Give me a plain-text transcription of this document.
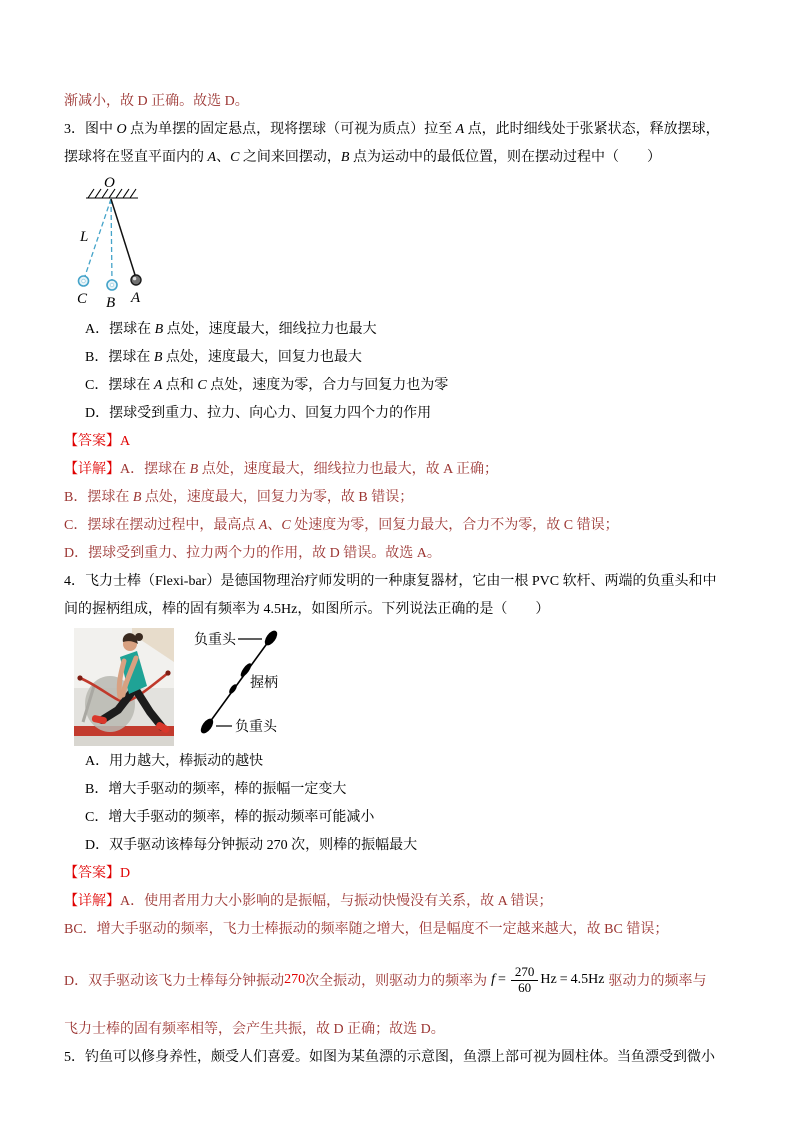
渐减小，故 D 正确。故选 D。

3．图中 O 点为单摆的固定悬点，现将摆球（可视为质点）拉至 A 点，此时细线处于张紧状态，释放摆球，

摆球将在竖直平面内的 A、C 之间来回摆动，B 点为运动中的最低位置，则在摆动过程中（　　）

O
L
C B A

A．摆球在 B 点处，速度最大，细线拉力也最大

B．摆球在 B 点处，速度最大，回复力也最大

C．摆球在 A 点和 C 点处，速度为零，合力与回复力也为零

D．摆球受到重力、拉力、向心力、回复力四个力的作用

【答案】A

【详解】A．摆球在 B 点处，速度最大，细线拉力也最大，故 A 正确；

B．摆球在 B 点处，速度最大，回复力为零，故 B 错误；

C．摆球在摆动过程中，最高点 A、C 处速度为零，回复力最大，合力不为零，故 C 错误；

D．摆球受到重力、拉力两个力的作用，故 D 错误。故选 A。

4．飞力士棒（Flexi-bar）是德国物理治疗师发明的一种康复器材，它由一根 PVC 软杆、两端的负重头和中

间的握柄组成，棒的固有频率为 4.5Hz，如图所示。下列说法正确的是（　　）

负重头
握柄
负重头

A．用力越大，棒振动的越快

B．增大手驱动的频率，棒的振幅一定变大

C．增大手驱动的频率，棒的振动频率可能减小

D．双手驱动该棒每分钟振动 270 次，则棒的振幅最大

【答案】D

【详解】A．使用者用力大小影响的是振幅，与振动快慢没有关系，故 A 错误；

BC．增大手驱动的频率，飞力士棒振动的频率随之增大，但是幅度不一定越来越大，故 BC 错误；

D．双手驱动该飞力士棒每分钟振动 270 次全振动，则驱动力的频率为 $f = \frac{270}{60}$ Hz = 4.5Hz 驱动力的频率与

飞力士棒的固有频率相等，会产生共振，故 D 正确；故选 D。

5．钓鱼可以修身养性，颇受人们喜爱。如图为某鱼漂的示意图，鱼漂上部可视为圆柱体。当鱼漂受到微小
